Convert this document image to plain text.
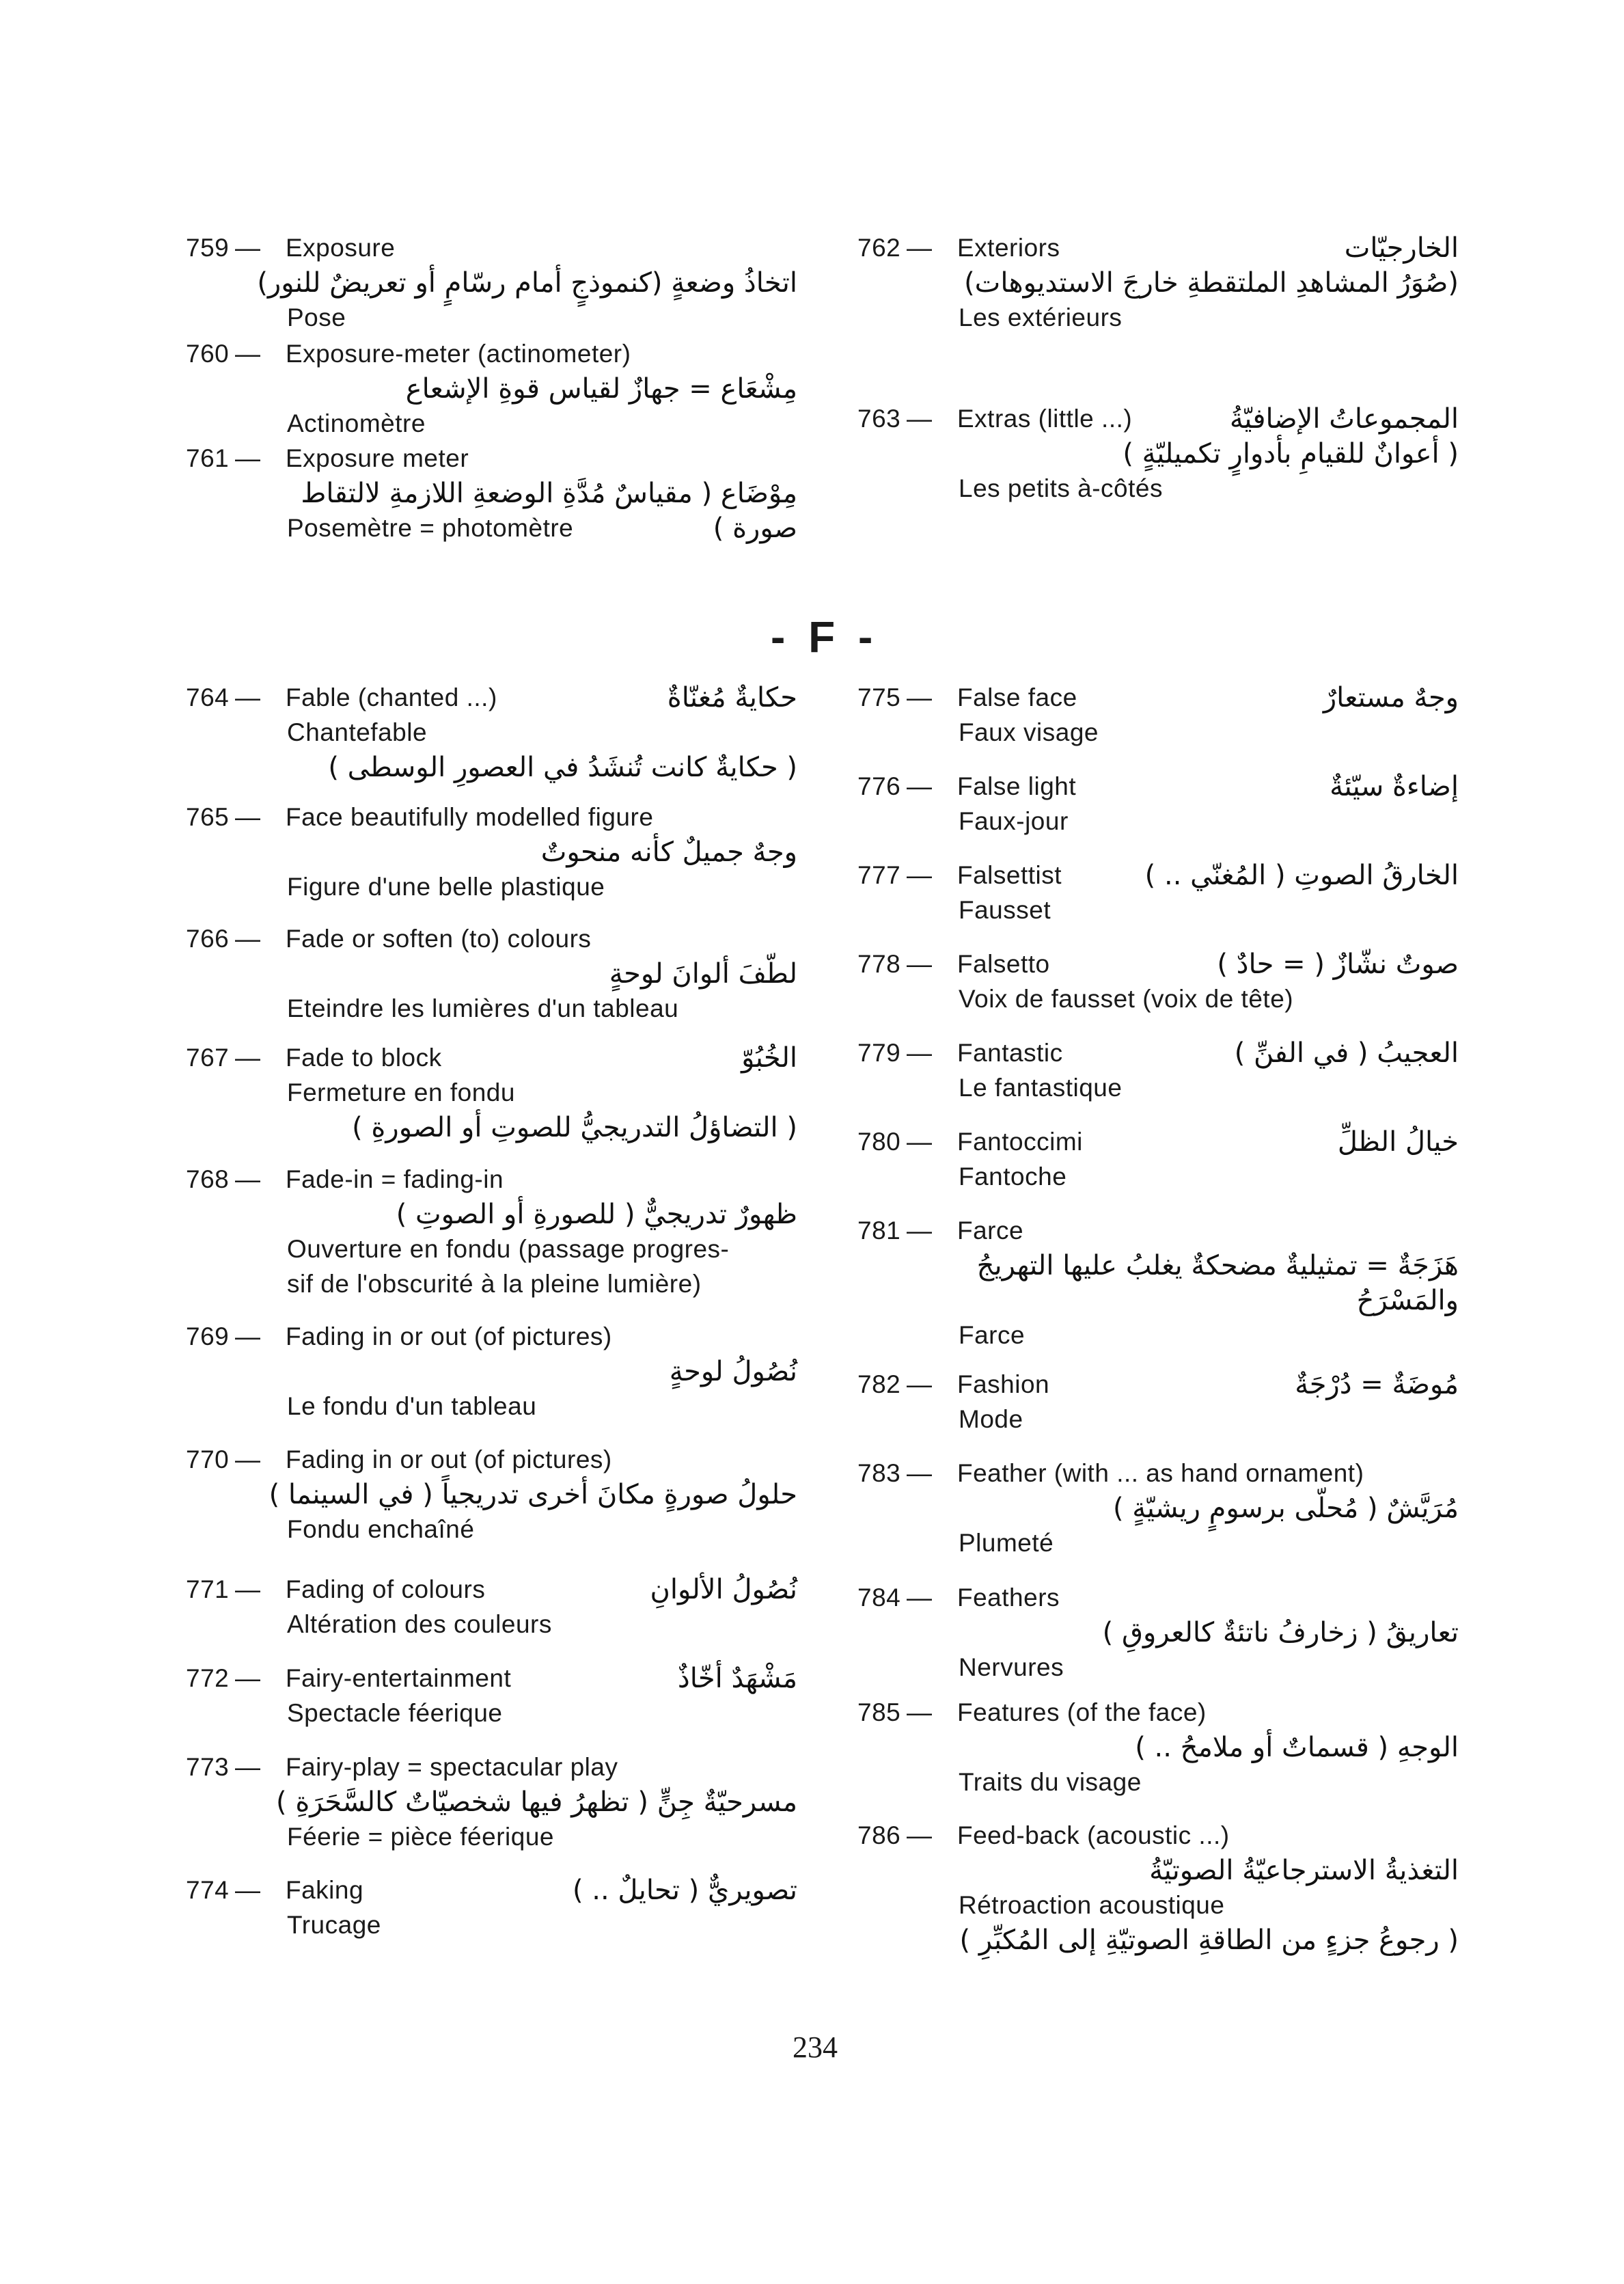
759— Exposure
اتخاذُ وضعةٍ (كنموذجٍ أمام رسّامٍ أو تعريضٌ للنور)
Pose
760— Exposure-meter (actinometer)
مِشْعَاع = جهازٌ لقياس قوةِ الإشعاع
Actinomètre
761— Exposure meter
مِوْضَاع ( مقياسٌ مُدَّةِ الوضعةِ اللازمةِ لالتقاط
Posemètre = photomètre	صورة )
764— Fable (chanted ...)	حكايةٌ مُغنّاةٌ
Chantefable
( حكايةٌ كانت تُنشَدُ في العصورِ الوسطى )
765— Face beautifully modelled figure
وجهٌ جميلٌ كأنه منحوتٌ
Figure d'une belle plastique
766— Fade or soften (to) colours
لطّفَ ألوانَ لوحةٍ
Eteindre les lumières d'un tableau
767— Fade to block	الخُبُوّ
Fermeture en fondu
( التضاؤلُ التدريجيُّ للصوتِ أو الصورةِ )
768— Fade-in = fading-in
ظهورٌ تدريجيٌّ ( للصورةِ أو الصوتِ )
Ouverture en fondu (passage progres-
sif de l'obscurité à la pleine lumière)
769— Fading in or out (of pictures)
نُصُولُ لوحةٍ
Le fondu d'un tableau
770— Fading in or out (of pictures)
حلولُ صورةٍ مكانَ أخرى تدريجياً ( في السينما )
Fondu enchaîné
771— Fading of colours	نُصُولُ الألوانِ
Altération des couleurs
772— Fairy-entertainment	مَشْهَدٌ أخّاذٌ
Spectacle féerique
773— Fairy-play = spectacular play
مسرحيّةٌ جِنٍّ ( تظهرُ فيها شخصيّاتٌ كالسَّحَرَةِ )
Féerie = pièce féerique
774— Faking	تصويريٌّ ( تحايلٌ .. )
Trucage
762— Exteriors	الخارجيّات
(صُوَرُ المشاهدِ الملتقطةِ خارجَ الاستديوهات)
Les extérieurs
763— Extras (little ...)	المجموعاتُ الإضافيّةُ
( أعوانٌ للقيامِ بأدوارٍ تكميليّةٍ )
Les petits à-côtés
775— False face	وجهٌ مستعارٌ
Faux visage
776— False light	إضاءةٌ سيّئةٌ
Faux-jour
777— Falsettist	الخارقُ الصوتِ ( المُغنّي .. )
Fausset
778— Falsetto	صوتٌ نشّازٌ ( = حادٌ )
Voix de fausset (voix de tête)
779— Fantastic	العجيبُ ( في الفنِّ )
Le fantastique
780— Fantoccimi	خيالُ الظلِّ
Fantoche
781— Farce
هَزَجَةٌ = تمثيليةٌ مضحكةٌ يغلبُ عليها التهريجُ
والمَسْرَحُ
Farce
782— Fashion	مُوضَةٌ = دُرْجَةٌ
Mode
783— Feather (with ... as hand ornament)
مُرَيَّشٌ ( مُحلّى برسومٍ ريشيّةٍ )
Plumeté
784— Feathers
تعاريقُ ( زخارفُ ناتئةٌ كالعروقِ )
Nervures
785— Features (of the face)
الوجهِ ( قسماتٌ أو ملامحُ .. )
Traits du visage
786— Feed-back (acoustic ...)
التغذيةُ الاسترجاعيّةُ الصوتيّةُ
Rétroaction acoustique
( رجوعُ جزءٍ من الطاقةِ الصوتيّةِ إلى المُكبِّرِ )
- F -
234
